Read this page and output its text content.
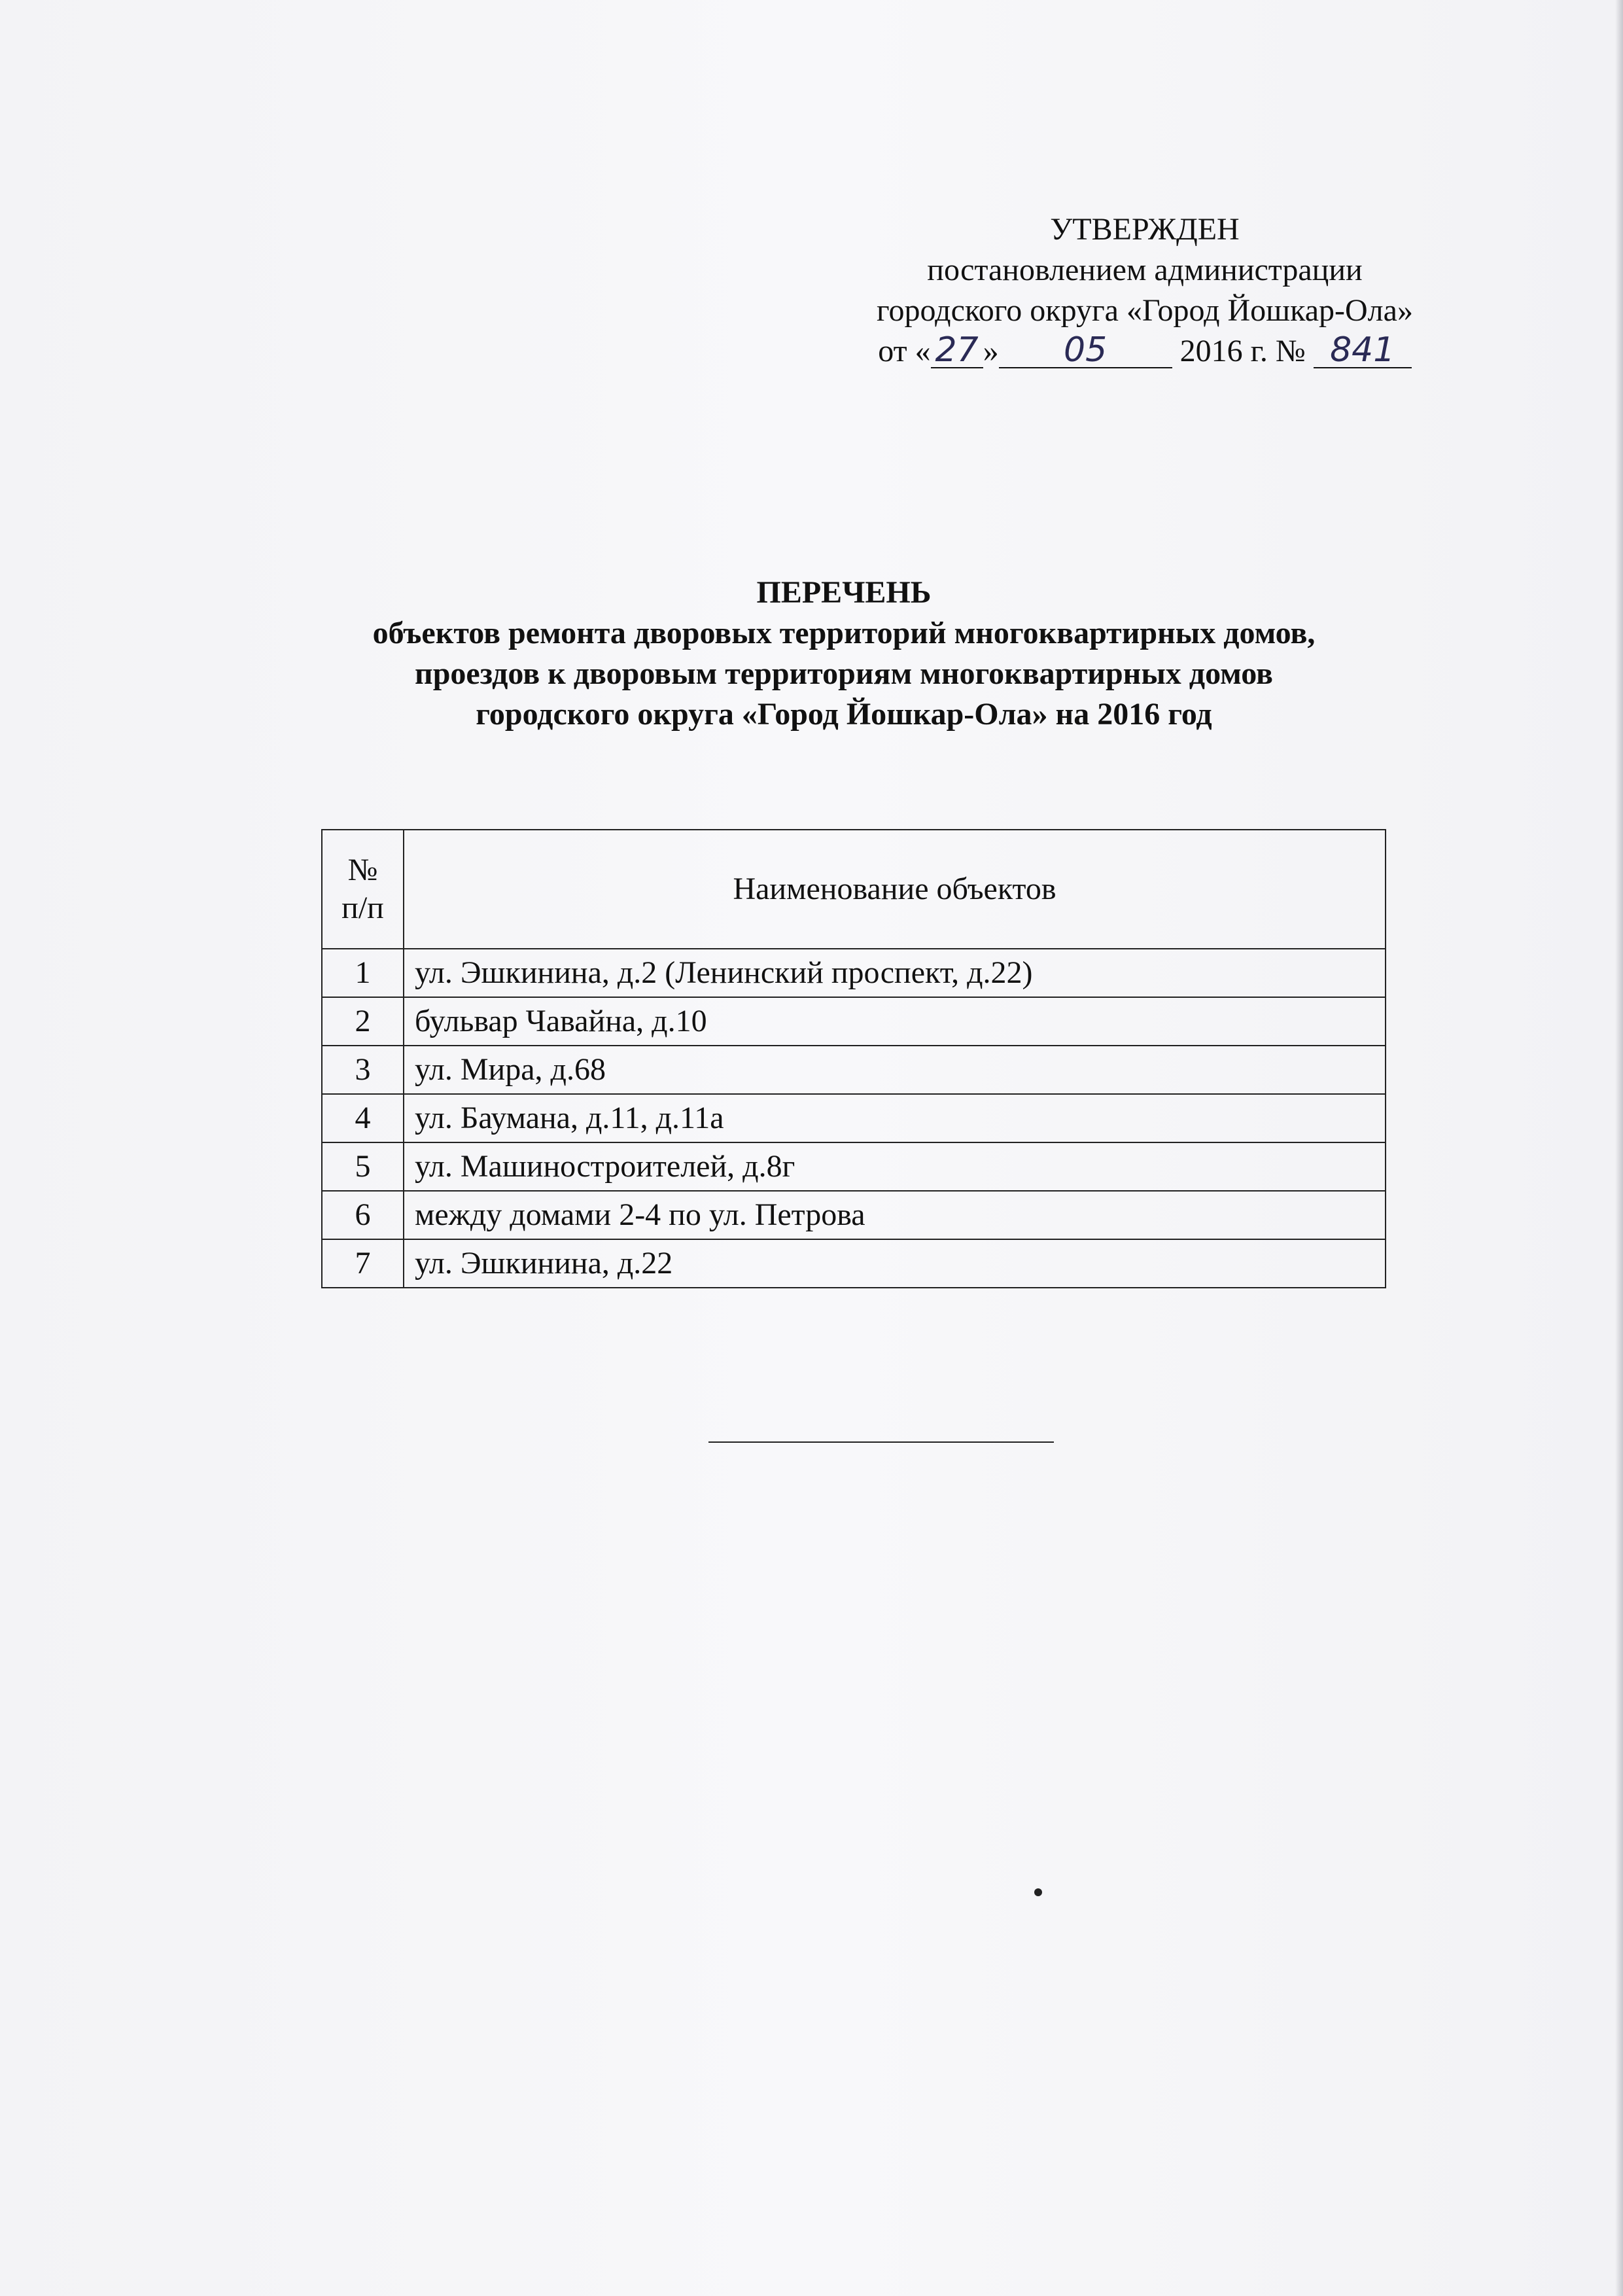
УТВЕРЖДЕН
постановлением администрации
городского округа «Город Йошкар-Ола»
от « 27 » 05 2016 г. № 841
ПЕРЕЧЕНЬ
объектов ремонта дворовых территорий многоквартирных домов,
проездов к дворовым территориям многоквартирных домов
городского округа «Город Йошкар-Ола» на 2016 год
№
п/п	Наименование объектов
1	ул. Эшкинина, д.2 (Ленинский проспект, д.22)
2	бульвар Чавайна, д.10
3	ул. Мира, д.68
4	ул. Баумана, д.11, д.11а
5	ул. Машиностроителей, д.8г
6	между домами 2-4 по ул. Петрова
7	ул. Эшкинина, д.22
